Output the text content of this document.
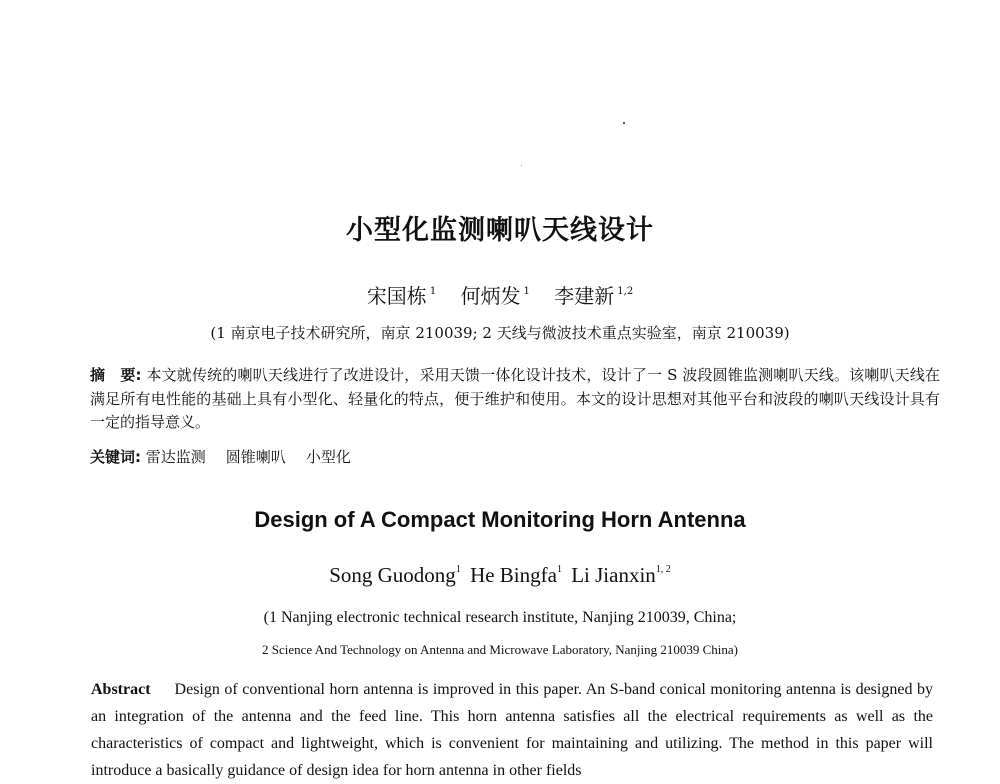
小型化监测喇叭天线设计
宋国栋 $^1$ 何炳发 $^1$ 李建新 $^{1,2}$

(1 南京电子技术研究所，南京 210039; 2 天线与微波技术重点实验室，南京 210039)

摘　要: 本文就传统的喇叭天线进行了改进设计，采用天馈一体化设计技术，设计了一 S 波段圆锥监测喇叭天线。该喇叭天线在满足所有电性能的基础上具有小型化、轻量化的特点，便于维护和使用。本文的设计思想对其他平台和波段的喇叭天线设计具有一定的指导意义。

关键词: 雷达监测 圆锥喇叭 小型化

Design of A Compact Monitoring Horn Antenna
Song Guodong$^1$ He Bingfa$^1$ Li Jianxin$^{1, 2}$

(1 Nanjing electronic technical research institute, Nanjing 210039, China;

2 Science And Technology on Antenna and Microwave Laboratory, Nanjing 210039 China)

Abstract Design of conventional horn antenna is improved in this paper. An S-band conical monitoring antenna is designed by an integration of the antenna and the feed line. This horn antenna satisfies all the electrical requirements as well as the characteristics of compact and lightweight, which is convenient for maintaining and utilizing. The method in this paper will introduce a basically guidance of design idea for horn antenna in other fields
